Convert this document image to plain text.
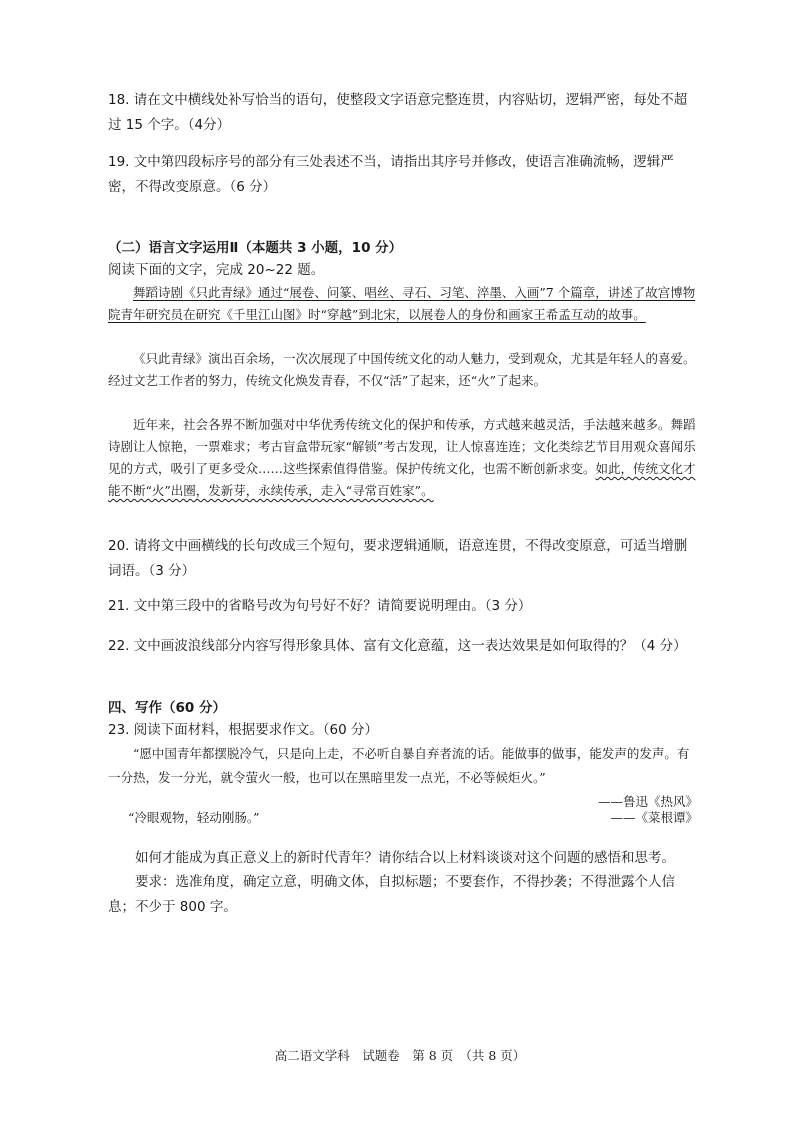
18. 请在文中横线处补写恰当的语句，使整段文字语意完整连贯，内容贴切，逻辑严密，每处不超过 15 个字。（4分）
19. 文中第四段标序号的部分有三处表述不当，请指出其序号并修改，使语言准确流畅，逻辑严密，不得改变原意。（6 分）
（二）语言文字运用Ⅱ（本题共 3 小题，10 分）
阅读下面的文字，完成 20~22 题。
舞蹈诗剧《只此青绿》通过“展卷、问篆、唱丝、寻石、习笔、淬墨、入画”7 个篇章，讲述了故宫博物院青年研究员在研究《千里江山图》时“穿越”到北宋，以展卷人的身份和画家王希孟互动的故事。
《只此青绿》演出百余场，一次次展现了中国传统文化的动人魅力，受到观众，尤其是年轻人的喜爱。经过文艺工作者的努力，传统文化焕发青春，不仅“活”了起来，还“火”了起来。
近年来，社会各界不断加强对中华优秀传统文化的保护和传承，方式越来越灵活，手法越来越多。舞蹈诗剧让人惊艳，一票难求；考古盲盒带玩家“解锁”考古发现，让人惊喜连连；文化类综艺节目用观众喜闻乐见的方式，吸引了更多受众……这些探索值得借鉴。保护传统文化，也需不断创新求变。如此，传统文化才能不断“火”出圈，发新芽，永续传承，走入“寻常百姓家”。
20. 请将文中画横线的长句改成三个短句，要求逻辑通顺，语意连贯，不得改变原意，可适当增删词语。（3 分）
21. 文中第三段中的省略号改为句号好不好？请简要说明理由。（3 分）
22. 文中画波浪线部分内容写得形象具体、富有文化意蕴，这一表达效果是如何取得的？（4 分）
四、写作（60 分）
23. 阅读下面材料，根据要求作文。（60 分）
“愿中国青年都摆脱冷气，只是向上走，不必听自暴自弃者流的话。能做事的做事，能发声的发声。有一分热，发一分光，就令萤火一般，也可以在黑暗里发一点光，不必等候炬火。”
——鲁迅《热风》
“冷眼观物，轻动刚肠。”	——《菜根谭》
如何才能成为真正意义上的新时代青年？请你结合以上材料谈谈对这个问题的感悟和思考。
要求：选准角度，确定立意，明确文体，自拟标题；不要套作，不得抄袭；不得泄露个人信息；不少于 800 字。
高二语文学科　试题卷　第 8 页　（共 8 页）
